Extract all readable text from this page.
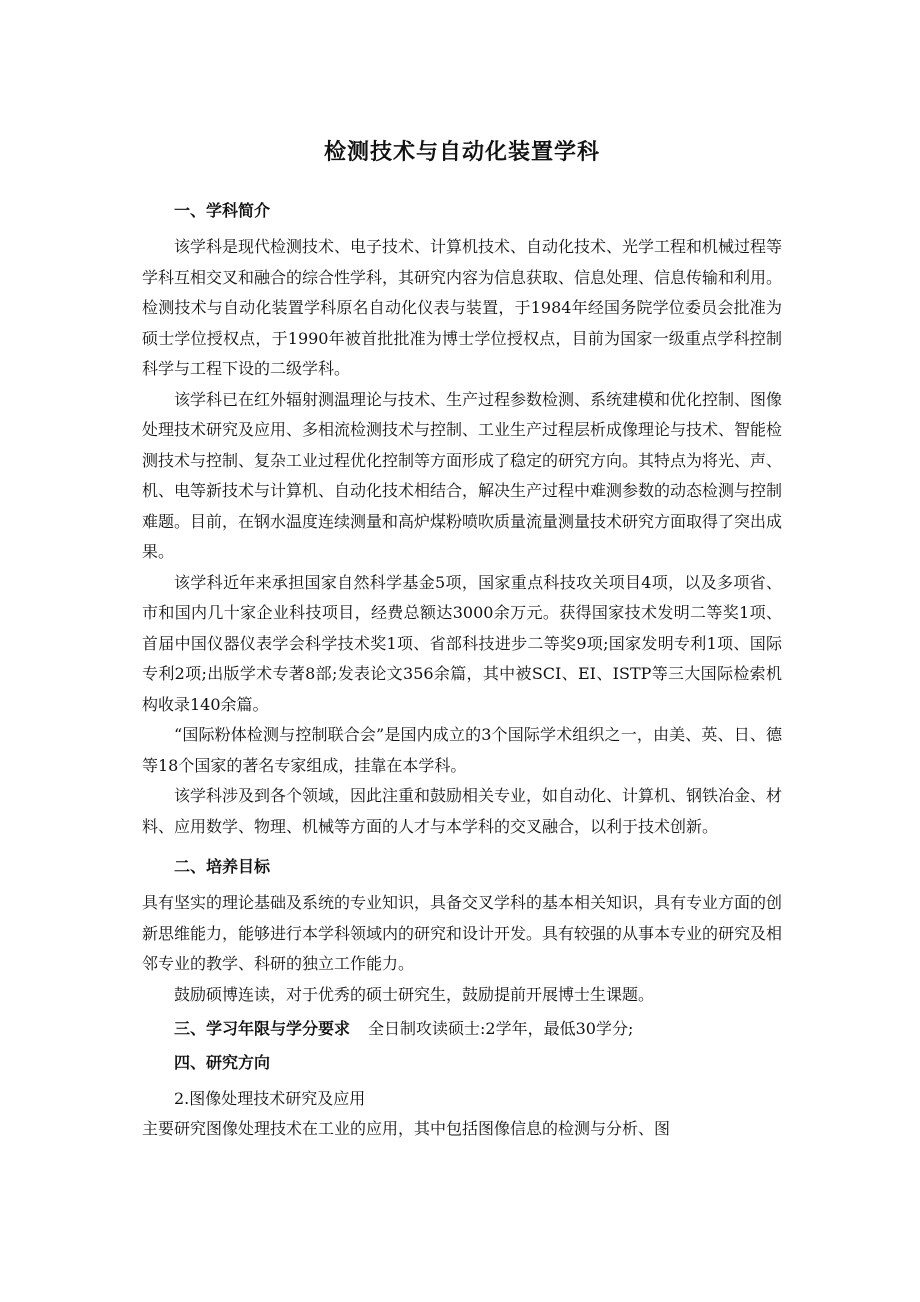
检测技术与自动化装置学科
一、学科简介

该学科是现代检测技术、电子技术、计算机技术、自动化技术、光学工程和机械过程等学科互相交叉和融合的综合性学科，其研究内容为信息获取、信息处理、信息传输和利用。检测技术与自动化装置学科原名自动化仪表与装置，于1984年经国务院学位委员会批准为硕士学位授权点，于1990年被首批批准为博士学位授权点，目前为国家一级重点学科控制科学与工程下设的二级学科。

该学科已在红外辐射测温理论与技术、生产过程参数检测、系统建模和优化控制、图像处理技术研究及应用、多相流检测技术与控制、工业生产过程层析成像理论与技术、智能检测技术与控制、复杂工业过程优化控制等方面形成了稳定的研究方向。其特点为将光、声、机、电等新技术与计算机、自动化技术相结合，解决生产过程中难测参数的动态检测与控制难题。目前，在钢水温度连续测量和高炉煤粉喷吹质量流量测量技术研究方面取得了突出成果。

该学科近年来承担国家自然科学基金5项，国家重点科技攻关项目4项，以及多项省、市和国内几十家企业科技项目，经费总额达3000余万元。获得国家技术发明二等奖1项、首届中国仪器仪表学会科学技术奖1项、省部科技进步二等奖9项;国家发明专利1项、国际专利2项;出版学术专著8部;发表论文356余篇，其中被SCI、EI、ISTP等三大国际检索机构收录140余篇。

“国际粉体检测与控制联合会”是国内成立的3个国际学术组织之一，由美、英、日、德等18个国家的著名专家组成，挂靠在本学科。

该学科涉及到各个领域，因此注重和鼓励相关专业，如自动化、计算机、钢铁冶金、材料、应用数学、物理、机械等方面的人才与本学科的交叉融合，以利于技术创新。

二、培养目标

具有坚实的理论基础及系统的专业知识，具备交叉学科的基本相关知识，具有专业方面的创新思维能力，能够进行本学科领域内的研究和设计开发。具有较强的从事本专业的研究及相邻专业的教学、科研的独立工作能力。

鼓励硕博连读，对于优秀的硕士研究生，鼓励提前开展博士生课题。

三、学习年限与学分要求 全日制攻读硕士:2学年，最低30学分;
四、研究方向
2.图像处理技术研究及应用

主要研究图像处理技术在工业的应用，其中包括图像信息的检测与分析、图
